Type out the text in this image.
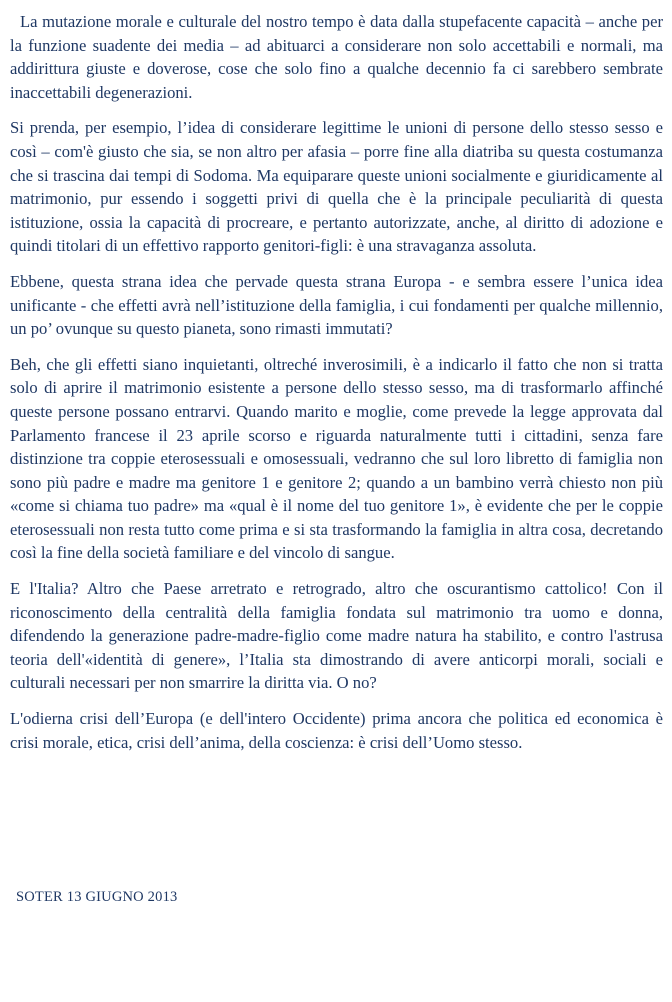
La mutazione morale e culturale del nostro tempo è data dalla stupefacente capacità – anche per la funzione suadente dei media – ad abituarci a considerare non solo accettabili e normali, ma addirittura giuste e doverose, cose che solo fino a qualche decennio fa ci sarebbero sembrate inaccettabili degenerazioni.

Si prenda, per esempio, l’idea di considerare legittime le unioni di persone dello stesso sesso e così – com'è giusto che sia, se non altro per afasia – porre fine alla diatriba su questa costumanza che si trascina dai tempi di Sodoma. Ma equiparare queste unioni socialmente e giuridicamente al matrimonio, pur essendo i soggetti privi di quella che è la principale peculiarità di questa istituzione, ossia la capacità di procreare, e pertanto autorizzate, anche, al diritto di adozione e quindi titolari di un effettivo rapporto genitori-figli: è una stravaganza assoluta.

Ebbene, questa strana idea che pervade questa strana Europa - e sembra essere l’unica idea unificante - che effetti avrà nell’istituzione della famiglia, i cui fondamenti per qualche millennio, un po’ ovunque su questo pianeta, sono rimasti immutati?

Beh, che gli effetti siano inquietanti, oltreché inverosimili, è a indicarlo il fatto che non si tratta solo di aprire il matrimonio esistente a persone dello stesso sesso, ma di trasformarlo affinché queste persone possano entrarvi. Quando marito e moglie, come prevede la legge approvata dal Parlamento francese il 23 aprile scorso e riguarda naturalmente tutti i cittadini, senza fare distinzione tra coppie eterosessuali e omosessuali, vedranno che sul loro libretto di famiglia non sono più padre e madre ma genitore 1 e genitore 2; quando a un bambino verrà chiesto non più «come si chiama tuo padre» ma «qual è il nome del tuo genitore 1», è evidente che per le coppie eterosessuali non resta tutto come prima e si sta trasformando la famiglia in altra cosa, decretando così la fine della società familiare e del vincolo di sangue.

E l'Italia? Altro che Paese arretrato e retrogrado, altro che oscurantismo cattolico! Con il riconoscimento della centralità della famiglia fondata sul matrimonio tra uomo e donna, difendendo la generazione padre-madre-figlio come madre natura ha stabilito, e contro l'astrusa teoria dell'«identità di genere», l’Italia sta dimostrando di avere anticorpi morali, sociali e culturali necessari per non smarrire la diritta via. O no?

L'odierna crisi dell’Europa (e dell'intero Occidente) prima ancora che politica ed economica è crisi morale, etica, crisi dell’anima, della coscienza: è crisi dell’Uomo stesso.

SOTER 13 GIUGNO 2013
